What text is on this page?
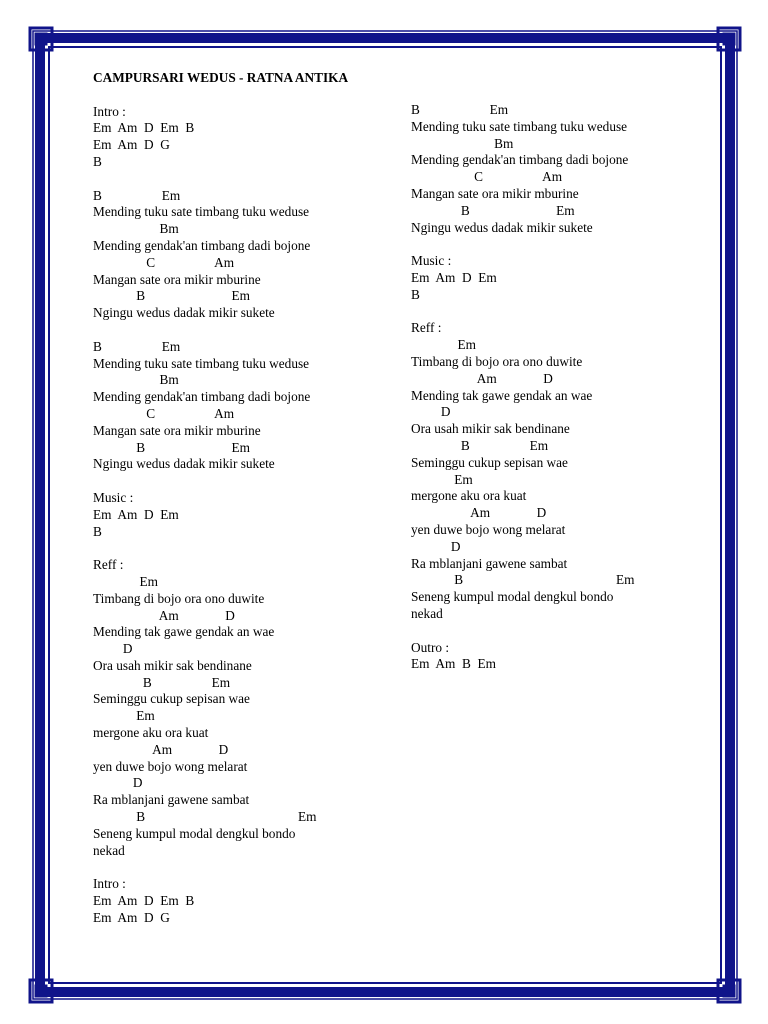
CAMPURSARI WEDUS - RATNA ANTIKA
Intro :
Em  Am  D  Em  B
Em  Am  D  G
B
B                  Em
Mending tuku sate timbang tuku weduse
Bm
Mending gendak'an timbang dadi bojone
C                  Am
Mangan sate ora mikir mburine
B                          Em
Ngingu wedus dadak mikir sukete
B                  Em
Mending tuku sate timbang tuku weduse
Bm
Mending gendak'an timbang dadi bojone
C                  Am
Mangan sate ora mikir mburine
B                          Em
Ngingu wedus dadak mikir sukete
Music :
Em  Am  D  Em
B
Reff :
Em
Timbang di bojo ora ono duwite
Am              D
Mending tak gawe gendak an wae
D
Ora usah mikir sak bendinane
B                  Em
Seminggu cukup sepisan wae
Em
mergone aku ora kuat
Am              D
yen duwe bojo wong melarat
D
Ra mblanjani gawene sambat
B                                              Em
Seneng kumpul modal dengkul bondo
nekad
Intro :
Em  Am  D  Em  B
Em  Am  D  G
B                     Em
Mending tuku sate timbang tuku weduse
Bm
Mending gendak'an timbang dadi bojone
C                  Am
Mangan sate ora mikir mburine
B                          Em
Ngingu wedus dadak mikir sukete
Music :
Em  Am  D  Em
B
Reff :
Em
Timbang di bojo ora ono duwite
Am              D
Mending tak gawe gendak an wae
D
Ora usah mikir sak bendinane
B                  Em
Seminggu cukup sepisan wae
Em
mergone aku ora kuat
Am              D
yen duwe bojo wong melarat
D
Ra mblanjani gawene sambat
B                                              Em
Seneng kumpul modal dengkul bondo
nekad
Outro :
Em  Am  B  Em
